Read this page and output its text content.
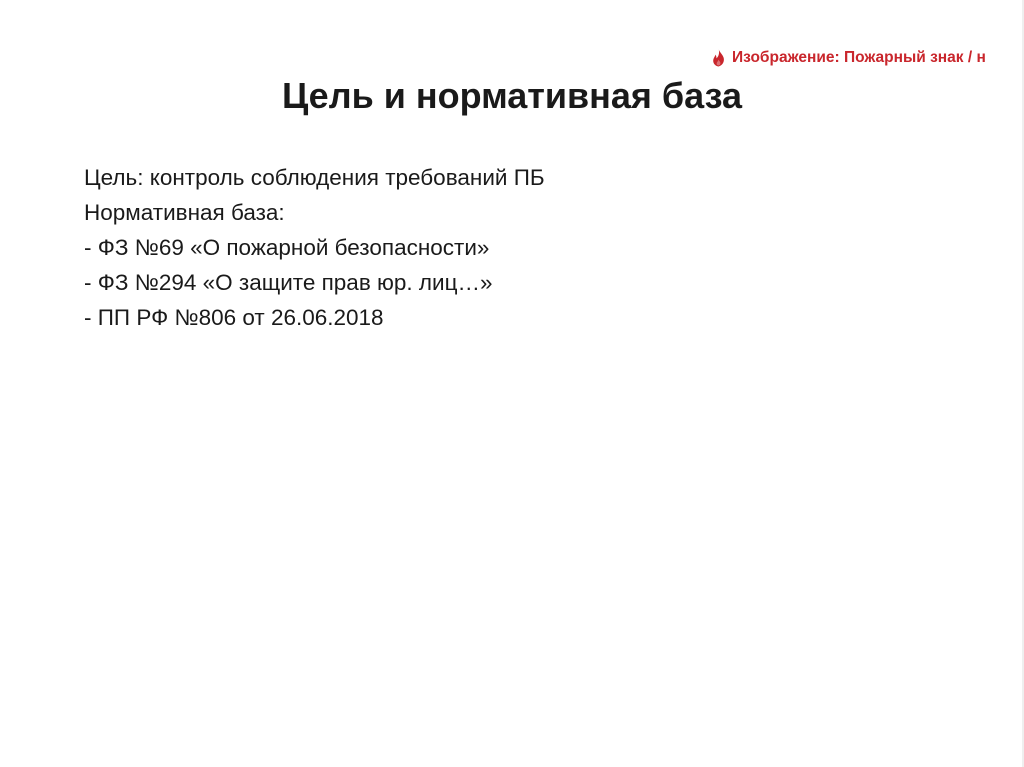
Изображение: Пожарный знак / н
Цель и нормативная база
Цель: контроль соблюдения требований ПБ
Нормативная база:
- ФЗ №69 «О пожарной безопасности»
- ФЗ №294 «О защите прав юр. лиц…»
- ПП РФ №806 от 26.06.2018
